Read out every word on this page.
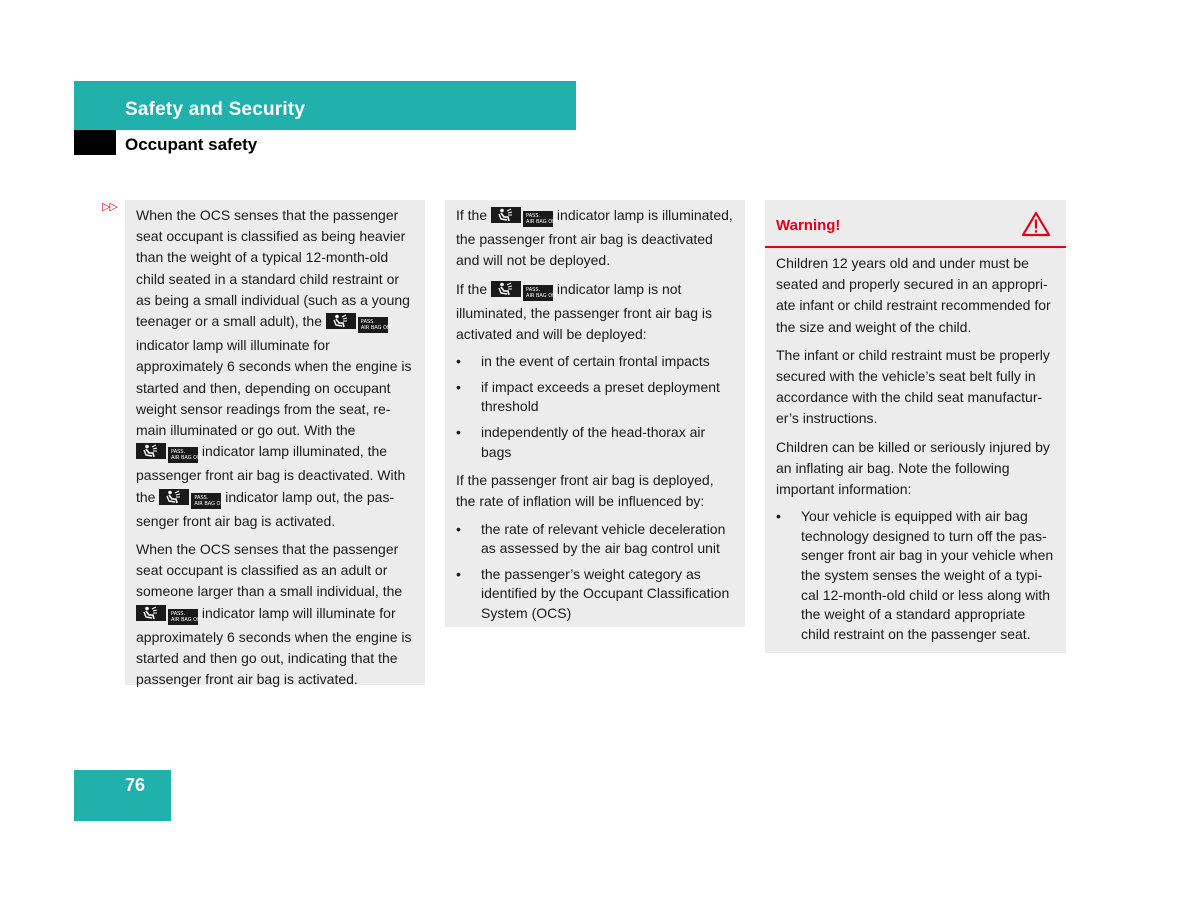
Safety and Security
Occupant safety
▷▷ When the OCS senses that the passenger seat occupant is classified as being heavier than the weight of a typical 12-month-old child seated in a standard child restraint or as being a small individual (such as a young teenager or a small adult), the	PASS.
AIR BAG OFF
indicator lamp will illuminate for approximately 6 seconds when the engine is started and then, depending on occupant weight sensor readings from the seat, re-main illuminated or go out. With the
PASS.
AIR BAG OFF indicator lamp illuminated, the passenger front air bag is deactivated. With the	PASS.
AIR BAG OFF indicator lamp out, the pas-senger front air bag is activated.

When the OCS senses that the passenger seat occupant is classified as an adult or someone larger than a small individual, the
PASS.
AIR BAG OFF indicator lamp will illuminate for approximately 6 seconds when the engine is started and then go out, indicating that the passenger front air bag is activated.

If the	PASS.
AIR BAG OFF indicator lamp is illuminated, the passenger front air bag is deactivated and will not be deployed.

If the	PASS.
AIR BAG OFF indicator lamp is not illuminated, the passenger front air bag is activated and will be deployed:

• in the event of certain frontal impacts
• if impact exceeds a preset deployment threshold
• independently of the head-thorax air bags

If the passenger front air bag is deployed, the rate of inflation will be influenced by:

• the rate of relevant vehicle deceleration as assessed by the air bag control unit
• the passenger’s weight category as identified by the Occupant Classification System (OCS)
Warning!

Children 12 years old and under must be seated and properly secured in an appropri-ate infant or child restraint recommended for the size and weight of the child.

The infant or child restraint must be properly secured with the vehicle’s seat belt fully in accordance with the child seat manufactur-er’s instructions.

Children can be killed or seriously injured by an inflating air bag. Note the following important information:

• Your vehicle is equipped with air bag technology designed to turn off the pas-senger front air bag in your vehicle when the system senses the weight of a typi-cal 12-month-old child or less along with the weight of a standard appropriate child restraint on the passenger seat.
76
